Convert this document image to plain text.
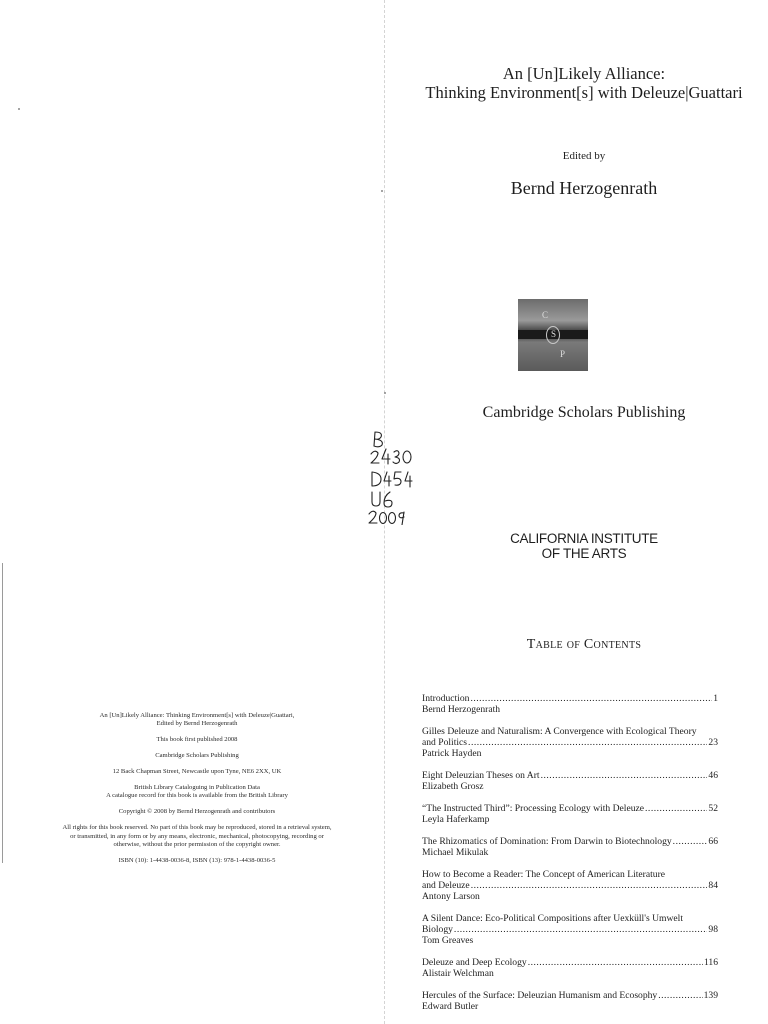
An [Un]Likely Alliance:

Thinking Environment[s] with Deleuze|Guattari

Edited by
Bernd Herzogenrath
C
S
P
Cambridge Scholars Publishing
CALIFORNIA INSTITUTE
OF THE ARTS
Table of Contents
Introduction .....	1
Bernd Herzogenrath
Gilles Deleuze and Naturalism: A Convergence with Ecological Theory
and Politics .....	23
Patrick Hayden
Eight Deleuzian Theses on Art .....	46
Elizabeth Grosz
“The Instructed Third”: Processing Ecology with Deleuze .....	52
Leyla Haferkamp
The Rhizomatics of Domination: From Darwin to Biotechnology .....	66
Michael Mikulak
How to Become a Reader: The Concept of American Literature
and Deleuze .....	84
Antony Larson
A Silent Dance: Eco-Political Compositions after Uexküll's Umwelt
Biology .....	98
Tom Greaves
Deleuze and Deep Ecology .....	116
Alistair Welchman
Hercules of the Surface: Deleuzian Humanism and Ecosophy .....	139
Edward Butler

An [Un]Likely Alliance: Thinking Environment[s] with Deleuze|Guattari,
Edited by Bernd Herzogenrath

This book first published 2008

Cambridge Scholars Publishing

12 Back Chapman Street, Newcastle upon Tyne, NE6 2XX, UK

British Library Cataloguing in Publication Data
A catalogue record for this book is available from the British Library

Copyright © 2008 by Bernd Herzogenrath and contributors

All rights for this book reserved. No part of this book may be reproduced, stored in a retrieval system,
or transmitted, in any form or by any means, electronic, mechanical, photocopying, recording or
otherwise, without the prior permission of the copyright owner.

ISBN (10): 1-4438-0036-8, ISBN (13): 978-1-4438-0036-5
